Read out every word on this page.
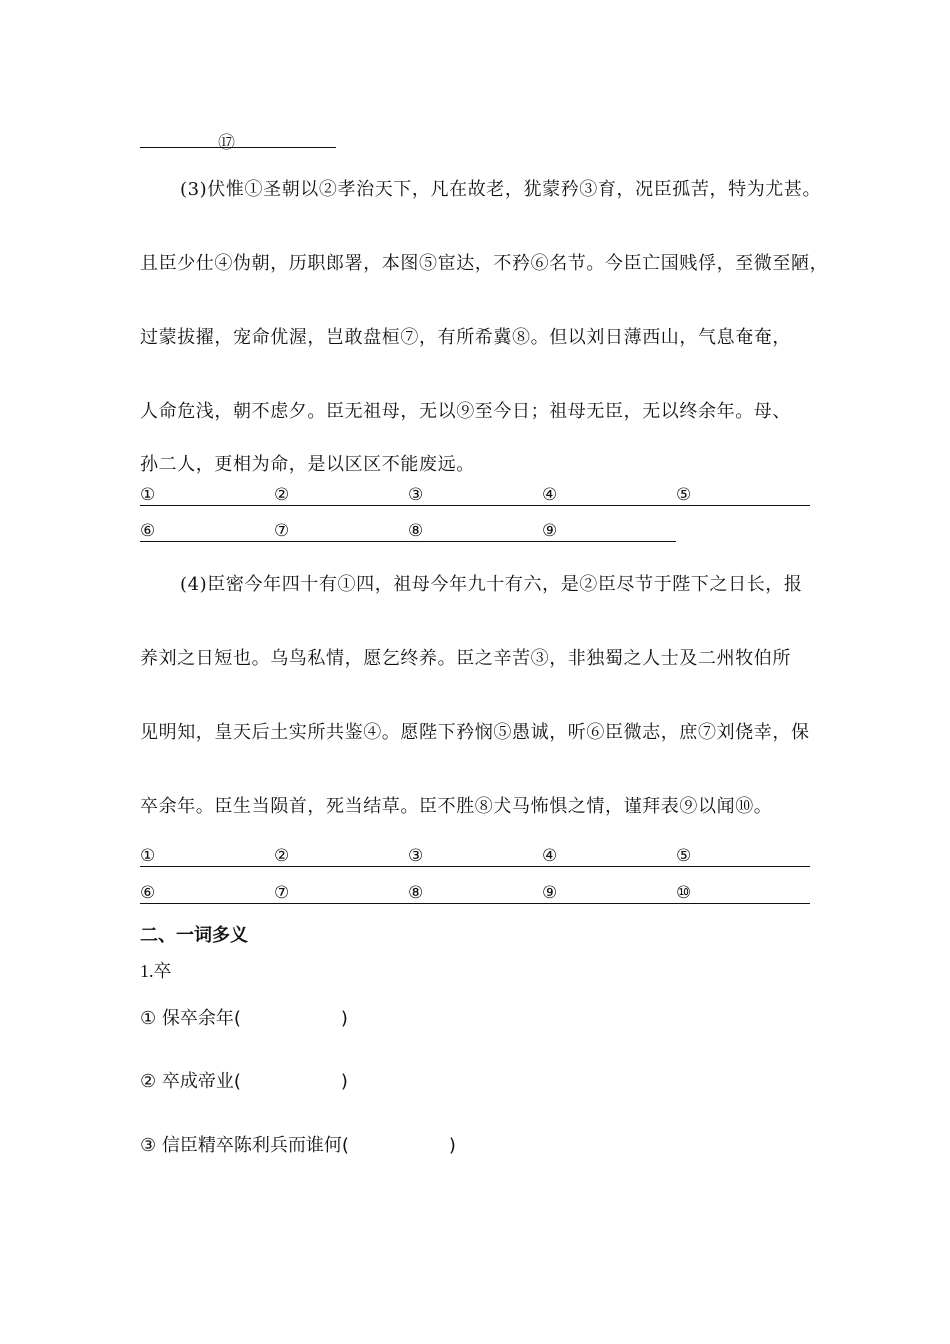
⑰
(3)伏惟①圣朝以②孝治天下，凡在故老，犹蒙矜③育，况臣孤苦，特为尤甚。
且臣少仕④伪朝，历职郎署，本图⑤宦达，不矜⑥名节。今臣亡国贱俘，至微至陋，
过蒙拔擢，宠命优渥，岂敢盘桓⑦，有所希冀⑧。但以刘日薄西山，气息奄奄，
人命危浅，朝不虑夕。臣无祖母，无以⑨至今日；祖母无臣，无以终余年。母、
孙二人，更相为命，是以区区不能废远。
①	②	③	④	⑤
⑥	⑦	⑧	⑨
(4)臣密今年四十有①四，祖母今年九十有六，是②臣尽节于陛下之日长，报
养刘之日短也。乌鸟私情，愿乞终养。臣之辛苦③，非独蜀之人士及二州牧伯所
见明知，皇天后土实所共鉴④。愿陛下矜悯⑤愚诚，听⑥臣微志，庶⑦刘侥幸，保
卒余年。臣生当陨首，死当结草。臣不胜⑧犬马怖惧之情，谨拜表⑨以闻⑩。
①	②	③	④	⑤
⑥	⑦	⑧	⑨	⑩
二、一词多义
1.卒
① 保卒余年(	)
② 卒成帝业(	)
③ 信臣精卒陈利兵而谁何(	)
